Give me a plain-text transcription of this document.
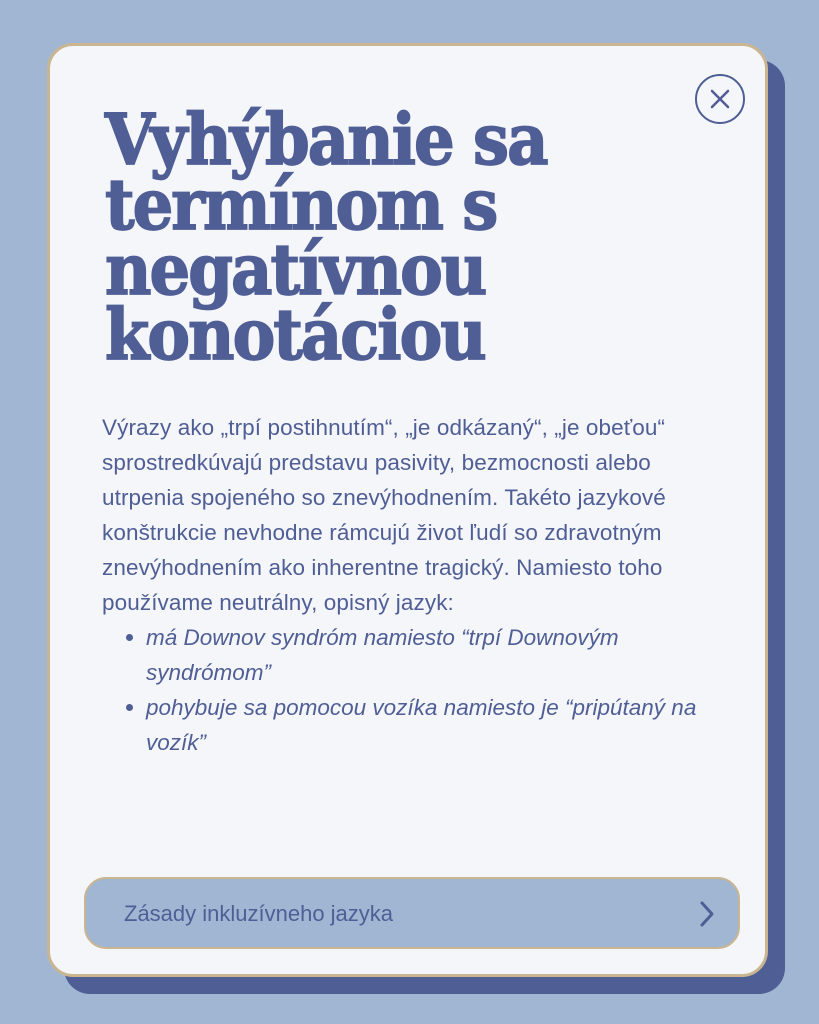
Vyhýbanie sa termínom s negatívnou konotáciou

Výrazy ako „trpí postihnutím“, „je odkázaný“, „je obeťou“ sprostredkúvajú predstavu pasivity, bezmocnosti alebo utrpenia spojeného so znevýhodnením. Takéto jazykové konštrukcie nevhodne rámcujú život ľudí so zdravotným znevýhodnením ako inherentne tragický. Namiesto toho používame neutrálny, opisný jazyk:

má Downov syndróm namiesto “trpí Downovým syndrómom”
pohybuje sa pomocou vozíka namiesto je “pripútaný na vozík”
Zásady inkluzívneho jazyka
